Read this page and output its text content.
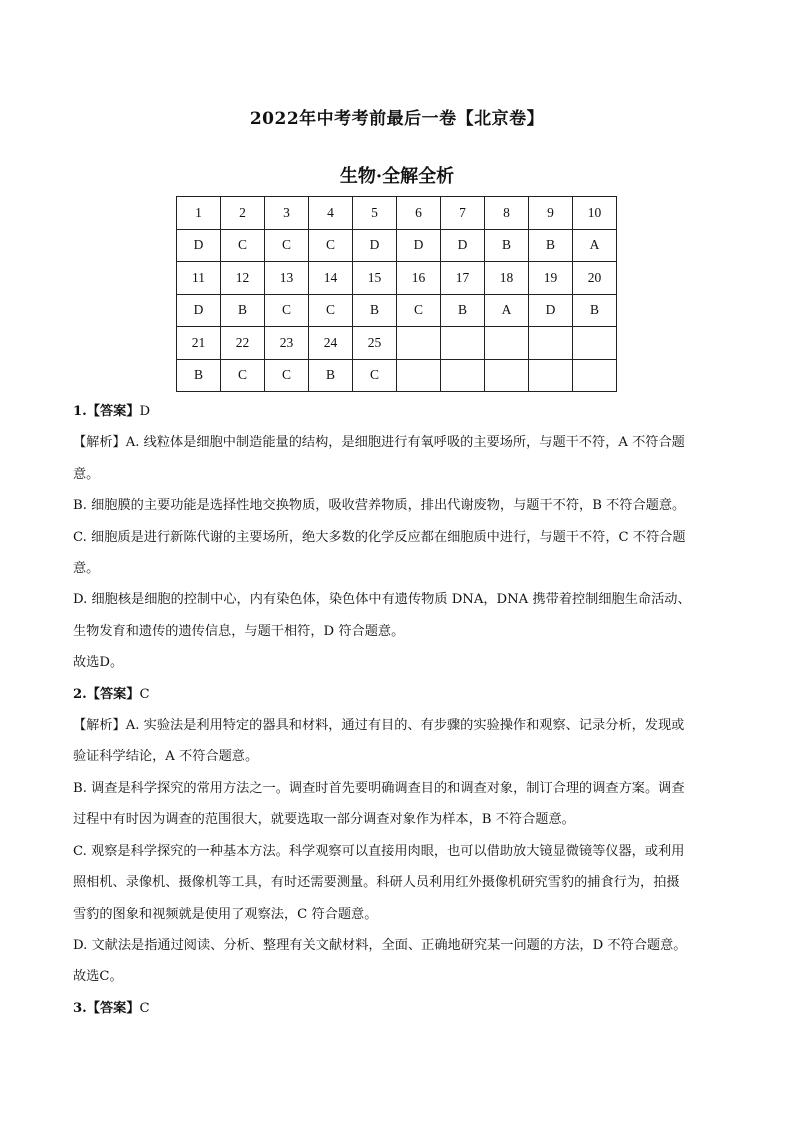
2022年中考考前最后一卷【北京卷】
生物·全解全析
1	2	3	4	5	6	7	8	9	10
D	C	C	C	D	D	D	B	B	A
11	12	13	14	15	16	17	18	19	20
D	B	C	C	B	C	B	A	D	B
21	22	23	24	25					
B	C	C	B	C					

1.【答案】D

【解析】A. 线粒体是细胞中制造能量的结构，是细胞进行有氧呼吸的主要场所，与题干不符，A 不符合题

意。

B. 细胞膜的主要功能是选择性地交换物质，吸收营养物质，排出代谢废物，与题干不符，B 不符合题意。

C. 细胞质是进行新陈代谢的主要场所，绝大多数的化学反应都在细胞质中进行，与题干不符，C 不符合题

意。

D. 细胞核是细胞的控制中心，内有染色体，染色体中有遗传物质 DNA，DNA 携带着控制细胞生命活动、

生物发育和遗传的遗传信息，与题干相符，D 符合题意。

故选D。

2.【答案】C

【解析】A. 实验法是利用特定的器具和材料，通过有目的、有步骤的实验操作和观察、记录分析，发现或

验证科学结论，A 不符合题意。

B. 调查是科学探究的常用方法之一。调查时首先要明确调查目的和调查对象，制订合理的调查方案。调查

过程中有时因为调查的范围很大，就要选取一部分调查对象作为样本，B 不符合题意。

C. 观察是科学探究的一种基本方法。科学观察可以直接用肉眼，也可以借助放大镜显微镜等仪器，或利用

照相机、录像机、摄像机等工具，有时还需要测量。科研人员利用红外摄像机研究雪豹的捕食行为，拍摄

雪豹的图象和视频就是使用了观察法，C 符合题意。

D. 文献法是指通过阅读、分析、整理有关文献材料，全面、正确地研究某一问题的方法，D 不符合题意。

故选C。

3.【答案】C
